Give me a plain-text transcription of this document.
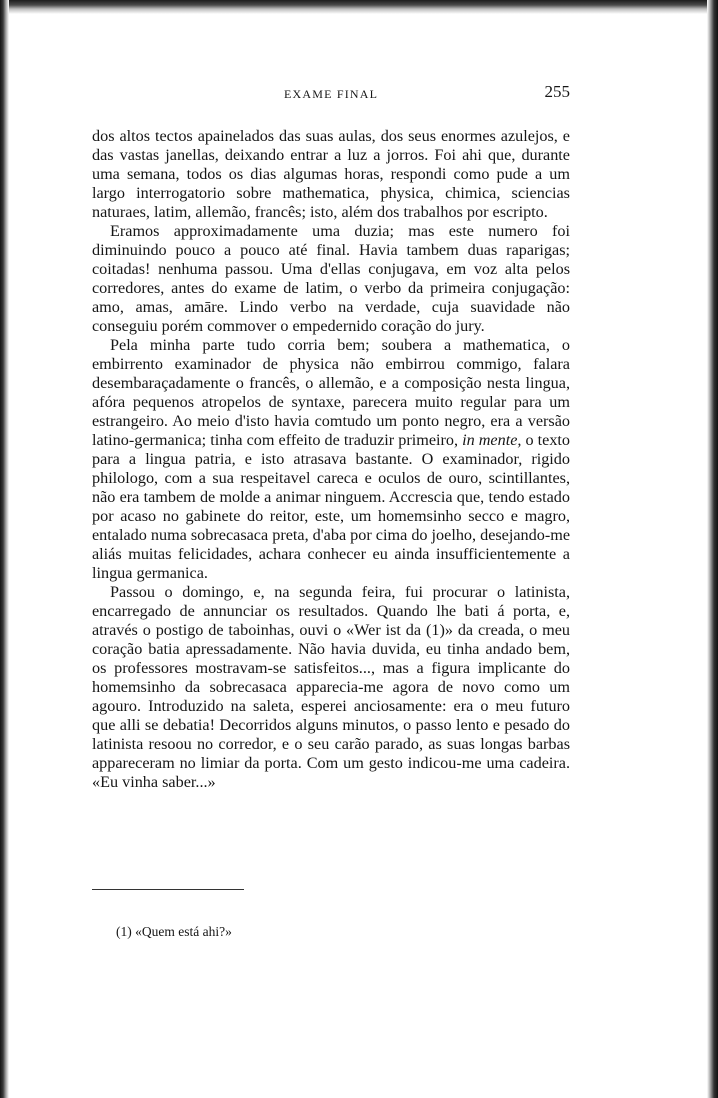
EXAME FINAL	255

dos altos tectos apainelados das suas aulas, dos seus enormes azulejos, e das vastas janellas, deixando entrar a luz a jorros. Foi ahi que, durante uma semana, todos os dias algumas horas, respondi como pude a um largo interrogatorio sobre mathematica, physica, chimica, sciencias naturaes, latim, allemão, francês; isto, além dos trabalhos por escripto.

Eramos approximadamente uma duzia; mas este numero foi diminuindo pouco a pouco até final. Havia tambem duas raparigas; coitadas! nenhuma passou. Uma d'ellas conjugava, em voz alta pelos corredores, antes do exame de latim, o verbo da primeira conjugação: amo, amas, amāre. Lindo verbo na verdade, cuja suavidade não conseguiu porém commover o empedernido coração do jury.

Pela minha parte tudo corria bem; soubera a mathematica, o embirrento examinador de physica não embirrou commigo, falara desembaraçadamente o francês, o allemão, e a composição nesta lingua, afóra pequenos atropelos de syntaxe, parecera muito regular para um estrangeiro. Ao meio d'isto havia comtudo um ponto negro, era a versão latino-germanica; tinha com effeito de traduzir primeiro, in mente, o texto para a lingua patria, e isto atrasava bastante. O examinador, rigido philologo, com a sua respeitavel careca e oculos de ouro, scintillantes, não era tambem de molde a animar ninguem. Accrescia que, tendo estado por acaso no gabinete do reitor, este, um homemsinho secco e magro, entalado numa sobrecasaca preta, d'aba por cima do joelho, desejando-me aliás muitas felicidades, achara conhecer eu ainda insufficientemente a lingua germanica.

Passou o domingo, e, na segunda feira, fui procurar o latinista, encarregado de annunciar os resultados. Quando lhe bati á porta, e, através o postigo de taboinhas, ouvi o «Wer ist da (1)» da creada, o meu coração batia apressadamente. Não havia duvida, eu tinha andado bem, os professores mostravam-se satisfeitos..., mas a figura implicante do homemsinho da sobrecasaca apparecia-me agora de novo como um agouro. Introduzido na saleta, esperei anciosamente: era o meu futuro que alli se debatia! Decorridos alguns minutos, o passo lento e pesado do latinista resoou no corredor, e o seu carão parado, as suas longas barbas appareceram no limiar da porta. Com um gesto indicou-me uma cadeira. «Eu vinha saber...»

(1) «Quem está ahi?»
